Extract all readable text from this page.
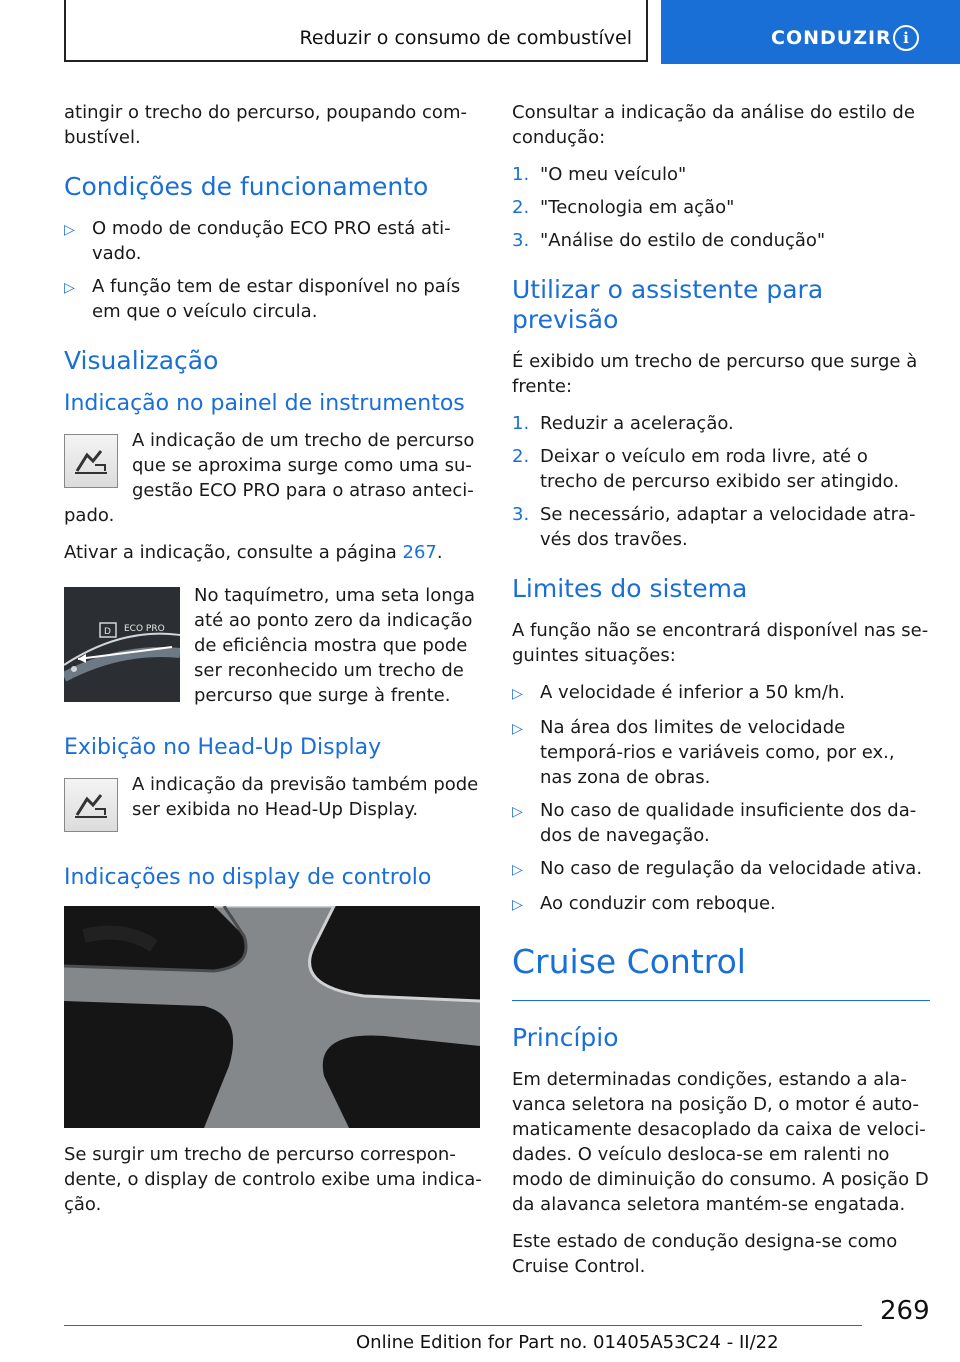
Reduzir o consumo de combustível	CONDUZIR i

atingir o trecho do percurso, poupando com-bustível.

Condições de funcionamento
▷ O modo de condução ECO PRO está ati-vado.
▷ A função tem de estar disponível no país em que o veículo circula.
Visualização
Indicação no painel de instrumentos

A indicação de um trecho de percurso que se aproxima surge como uma su-gestão ECO PRO para o atraso anteci-pado.

Ativar a indicação, consulte a página 267.

D ECO PRO

No taquímetro, uma seta longa até ao ponto zero da indicação de eficiência mostra que pode ser reconhecido um trecho de percurso que surge à frente.

Exibição no Head-Up Display

A indicação da previsão também pode ser exibida no Head-Up Display.

Indicações no display de controlo

Se surgir um trecho de percurso correspon-dente, o display de controlo exibe uma indica-ção.

Consultar a indicação da análise do estilo de condução:

1. "O meu veículo"
2. "Tecnologia em ação"
3. "Análise do estilo de condução"
Utilizar o assistente para previsão

É exibido um trecho de percurso que surge à frente:

1. Reduzir a aceleração.
2. Deixar o veículo em roda livre, até o trecho de percurso exibido ser atingido.
3. Se necessário, adaptar a velocidade atra-vés dos travões.
Limites do sistema

A função não se encontrará disponível nas se-guintes situações:

▷ A velocidade é inferior a 50 km/h.
▷ Na área dos limites de velocidade temporá-rios e variáveis como, por ex., nas zona de obras.
▷ No caso de qualidade insuficiente dos da-dos de navegação.
▷ No caso de regulação da velocidade ativa.
▷ Ao conduzir com reboque.
Cruise Control
Princípio

Em determinadas condições, estando a ala-vanca seletora na posição D, o motor é auto-maticamente desacoplado da caixa de veloci-dades. O veículo desloca-se em ralenti no modo de diminuição do consumo. A posição D da alavanca seletora mantém-se engatada.

Este estado de condução designa-se como Cruise Control.

269
Online Edition for Part no. 01405A53C24 - II/22
